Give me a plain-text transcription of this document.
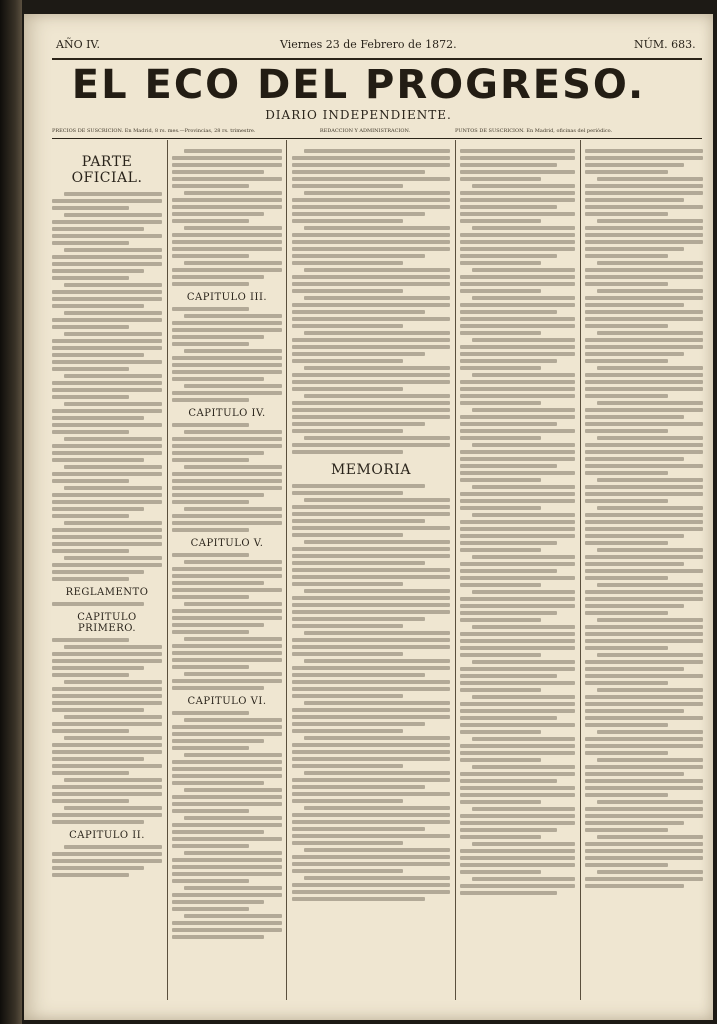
AÑO IV.	Viernes 23 de Febrero de 1872.	NÚM. 683.
EL ECO DEL PROGRESO.
DIARIO INDEPENDIENTE.
PRECIOS DE SUSCRICION. En Madrid, 8 rs. mes.—Provincias, 28 rs. trimestre.	REDACCION Y ADMINISTRACION.	PUNTOS DE SUSCRICION. En Madrid, oficinas del periódico.
PARTE OFICIAL.
REGLAMENTO
CAPITULO PRIMERO.
CAPITULO II.
CAPITULO III.
CAPITULO IV.
CAPITULO V.
CAPITULO VI.
MEMORIA
